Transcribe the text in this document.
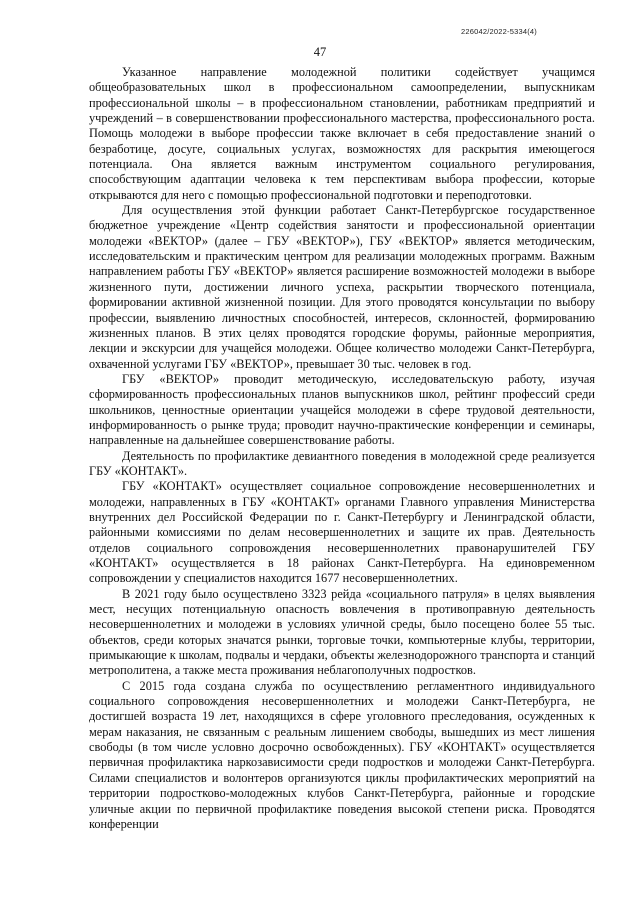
226042/2022-5334(4)
47

Указанное направление молодежной политики содействует учащимся общеобразовательных школ в профессиональном самоопределении, выпускникам профессиональной школы – в профессиональном становлении, работникам предприятий и учреждений – в совершенствовании профессионального мастерства, профессионального роста. Помощь молодежи в выборе профессии также включает в себя предоставление знаний о безработице, досуге, социальных услугах, возможностях для раскрытия имеющегося потенциала. Она является важным инструментом социального регулирования, способствующим адаптации человека к тем перспективам выбора профессии, которые открываются для него с помощью профессиональной подготовки и переподготовки.

Для осуществления этой функции работает Санкт-Петербургское государственное бюджетное учреждение «Центр содействия занятости и профессиональной ориентации молодежи «ВЕКТОР» (далее – ГБУ «ВЕКТОР»), ГБУ «ВЕКТОР» является методическим, исследовательским и практическим центром для реализации молодежных программ. Важным направлением работы ГБУ «ВЕКТОР» является расширение возможностей молодежи в выборе жизненного пути, достижении личного успеха, раскрытии творческого потенциала, формировании активной жизненной позиции. Для этого проводятся консультации по выбору профессии, выявлению личностных способностей, интересов, склонностей, формированию жизненных планов. В этих целях проводятся городские форумы, районные мероприятия, лекции и экскурсии для учащейся молодежи. Общее количество молодежи Санкт-Петербурга, охваченной услугами ГБУ «ВЕКТОР», превышает 30 тыс. человек в год.

ГБУ «ВЕКТОР» проводит методическую, исследовательскую работу, изучая сформированность профессиональных планов выпускников школ, рейтинг профессий среди школьников, ценностные ориентации учащейся молодежи в сфере трудовой деятельности, информированность о рынке труда; проводит научно-практические конференции и семинары, направленные на дальнейшее совершенствование работы.

Деятельность по профилактике девиантного поведения в молодежной среде реализуется ГБУ «КОНТАКТ».

ГБУ «КОНТАКТ» осуществляет социальное сопровождение несовершеннолетних и молодежи, направленных в ГБУ «КОНТАКТ» органами Главного управления Министерства внутренних дел Российской Федерации по г. Санкт-Петербургу и Ленинградской области, районными комиссиями по делам несовершеннолетних и защите их прав. Деятельность отделов социального сопровождения несовершеннолетних правонарушителей ГБУ «КОНТАКТ» осуществляется в 18 районах Санкт-Петербурга. На единовременном сопровождении у специалистов находится 1677 несовершеннолетних.

В 2021 году было осуществлено 3323 рейда «социального патруля» в целях выявления мест, несущих потенциальную опасность вовлечения в противоправную деятельность несовершеннолетних и молодежи в условиях уличной среды, было посещено более 55 тыс. объектов, среди которых значатся рынки, торговые точки, компьютерные клубы, территории, примыкающие к школам, подвалы и чердаки, объекты железнодорожного транспорта и станций метрополитена, а также места проживания неблагополучных подростков.

С 2015 года создана служба по осуществлению регламентного индивидуального социального сопровождения несовершеннолетних и молодежи Санкт-Петербурга, не достигшей возраста 19 лет, находящихся в сфере уголовного преследования, осужденных к мерам наказания, не связанным с реальным лишением свободы, вышедших из мест лишения свободы (в том числе условно досрочно освобожденных). ГБУ «КОНТАКТ» осуществляется первичная профилактика наркозависимости среди подростков и молодежи Санкт-Петербурга. Силами специалистов и волонтеров организуются циклы профилактических мероприятий на территории подростково-молодежных клубов Санкт-Петербурга, районные и городские уличные акции по первичной профилактике поведения высокой степени риска. Проводятся конференции
